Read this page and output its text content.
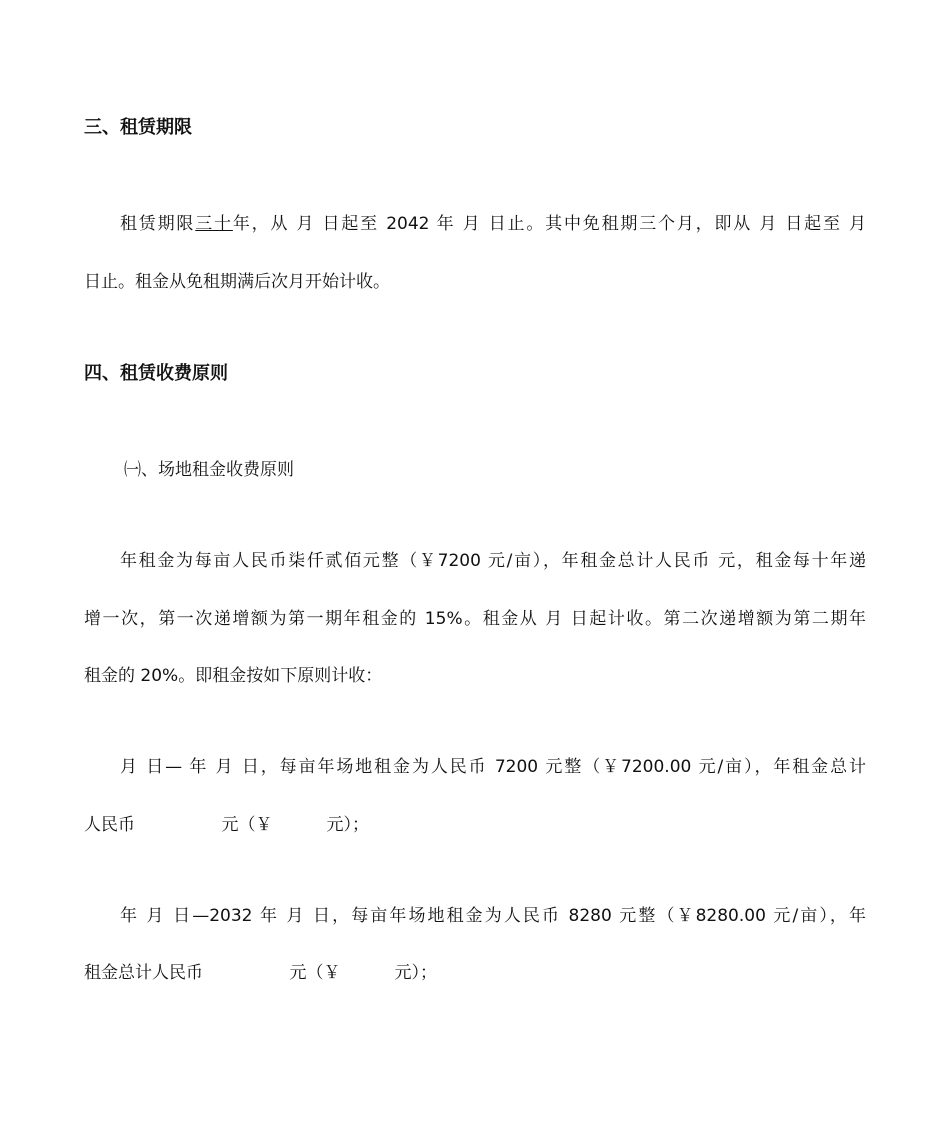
三、租赁期限

租赁期限三十年，从 月 日起至 2042 年 月 日止。其中免租期三个月，即从 月 日起至 月

日止。租金从免租期满后次月开始计收。

四、租赁收费原则

㈠、场地租金收费原则

年租金为每亩人民币柒仟贰佰元整（￥7200 元/亩），年租金总计人民币 元，租金每十年递

增一次，第一次递增额为第一期年租金的 15%。租金从 月 日起计收。第二次递增额为第二期年

租金的 20%。即租金按如下原则计收：

月 日— 年 月 日，每亩年场地租金为人民币 7200 元整（￥7200.00 元/亩），年租金总计

人民币                元（￥          元）；

年 月 日—2032 年 月 日，每亩年场地租金为人民币 8280 元整（￥8280.00 元/亩），年

租金总计人民币                元（￥          元）；
